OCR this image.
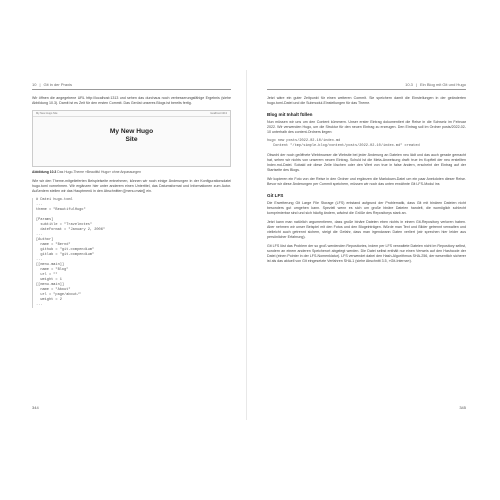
10 | Git in der Praxis

Wir öffnen die angegebene URL http://localhost:1313 und sehen das durchaus noch verbesserungsfähige Ergebnis (siehe Abbildung 10.3). Damit ist es Zeit für den ersten Commit. Das Gerüst unseres Blogs ist bereits fertig.

My New Hugo Site	localhost:1313
My New Hugo
Site
Abbildung 10.3 Das Hugo-Theme »Beautiful Hugo« ohne Anpassungen

Wie wir den Theme-mitgelieferten Beispielseite entnehmen, können wir noch einige Änderungen in der Konfigurationsdatei hugo.toml vornehmen. Wir ergänzen hier unter anderem einen Untertitel, das Datumsformat und Informationen zum Autor. Außerdem stellen wir das Hauptmenü in den Abschnitten [[menu.main]] ein.

# Datei hugo.toml
...
theme = "BeautifulHugo"

[Params]
subtitle = "Travelnotes"
dateFormat = "January 2, 2006"
...
[Author]
name = "Bernd"
github = "git-compendium"
gitlab = "git-compendium"
...
[[menu.main]]
name = "Blog"
url = ""
weight = 1
[[menu.main]]
name = "About"
url = "page/about/"
weight = 2
...
344
10.3 | Ein Blog mit Git und Hugo

Jetzt wäre ein guter Zeitpunkt für einen weiteren Commit. Sie speichern damit die Einstellungen in der geänderten hugo.toml-Datei und die Submodul-Einstellungen für das Theme.

Blog mit Inhalt füllen

Nun müssen wir uns um den Content kümmern. Unser erster Eintrag dokumentiert die Reise in die Schweiz im Februar 2022. Wir verwenden Hugo, um die Struktur für den neuen Eintrag zu erzeugen. Den Eintrag soll im Ordner posts/2022-02-10 unterhalb des content-Ordners liegen:

hugo new posts/2022-02-10/index.md
Content "/tmp/simple-blog/content/posts/2022-02-10/index.md" created

Obwohl der noch geöffnete Webbrowser die Website bei jeder Änderung an Dateien neu lädt und das auch gerade gemacht hat, sehen wir nichts von unserem neuen Eintrag. Schuld ist die Meta-Anweisung draft: true im Kopfteil der neu erstellten Index.md-Datei. Sobald wir diese Zeile löschen oder den Wert von true in false ändern, erscheint der Eintrag auf der Startseite des Blogs.

Wir kopieren ein Foto von der Reise in den Ordner und ergänzen die Markdown-Datei um ein paar Anekdoten dieser Reise. Bevor wir diese Änderungen per Commit speichern, müssen wir noch das unten erwähnte Git LFS-Modul ins

Git LFS

Die Erweiterung Git Large File Storage (LFS) entstand aufgrund der Problematik, dass Git mit binären Dateien nicht besonders gut umgehen kann. Speziell wenn es sich um große binäre Dateien handelt, die womöglich schlecht komprimierbar sind und sich häufig ändern, wächst die Größe des Repositorys stark an.

Jetzt kann man natürlich argumentieren, dass große binäre Dateien eben nichts in einem Git-Repository verloren haben. Aber nehmen wir unser Beispiel mit den Fotos und den Blogeinträgen. Würde man Text und Bilder getrennt verwalten und vielleicht auch getrennt sichern, steigt die Gefahr, dass man irgendwann Daten verliert (wir sprechen hier leider aus persönlicher Erfahrung).

Git LFS löst das Problem der so groß werdenden Repositories, indem per LFS verwaltete Dateien nicht im Repository selbst, sondern an einem anderen Speicherort abgelegt werden. Die Datei selbst enthält nur einen Verweis auf den Hashcode der Datei (einen Pointer in der LFS-Nomenklatur). LFS verwendet dabei den Hash-Algorithmus SHA-256, der wesentlich sicherer ist als das aktuell von Git eingesetzte Verfahren SHA-1 (siehe Abschnitt 3.5, »Git-Interna«).

345
